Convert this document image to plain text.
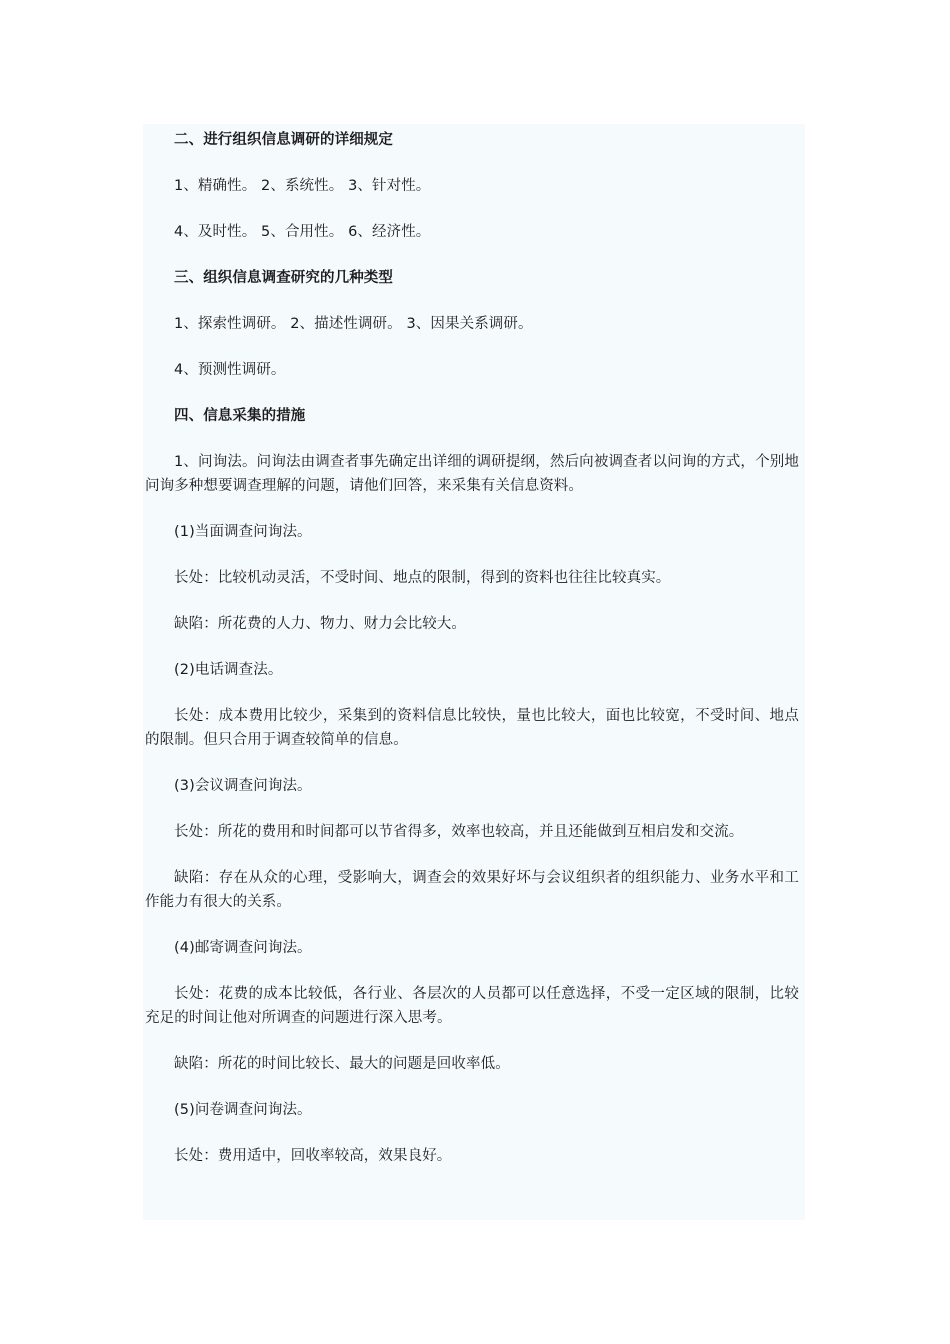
二、进行组织信息调研的详细规定

1、精确性。 2、系统性。 3、针对性。

4、及时性。 5、合用性。 6、经济性。

三、组织信息调查研究的几种类型

1、探索性调研。 2、描述性调研。 3、因果关系调研。

4、预测性调研。

四、信息采集的措施

1、问询法。问询法由调查者事先确定出详细的调研提纲，然后向被调查者以问询的方式，个别地问询多种想要调查理解的问题，请他们回答，来采集有关信息资料。

(1)当面调查问询法。

长处：比较机动灵活，不受时间、地点的限制，得到的资料也往往比较真实。

缺陷：所花费的人力、物力、财力会比较大。

(2)电话调查法。

长处：成本费用比较少，采集到的资料信息比较快，量也比较大，面也比较宽，不受时间、地点的限制。但只合用于调查较简单的信息。

(3)会议调查问询法。

长处：所花的费用和时间都可以节省得多，效率也较高，并且还能做到互相启发和交流。

缺陷：存在从众的心理，受影响大，调查会的效果好坏与会议组织者的组织能力、业务水平和工作能力有很大的关系。

(4)邮寄调查问询法。

长处：花费的成本比较低，各行业、各层次的人员都可以任意选择，不受一定区域的限制，比较充足的时间让他对所调查的问题进行深入思考。

缺陷：所花的时间比较长、最大的问题是回收率低。

(5)问卷调查问询法。

长处：费用适中，回收率较高，效果良好。
